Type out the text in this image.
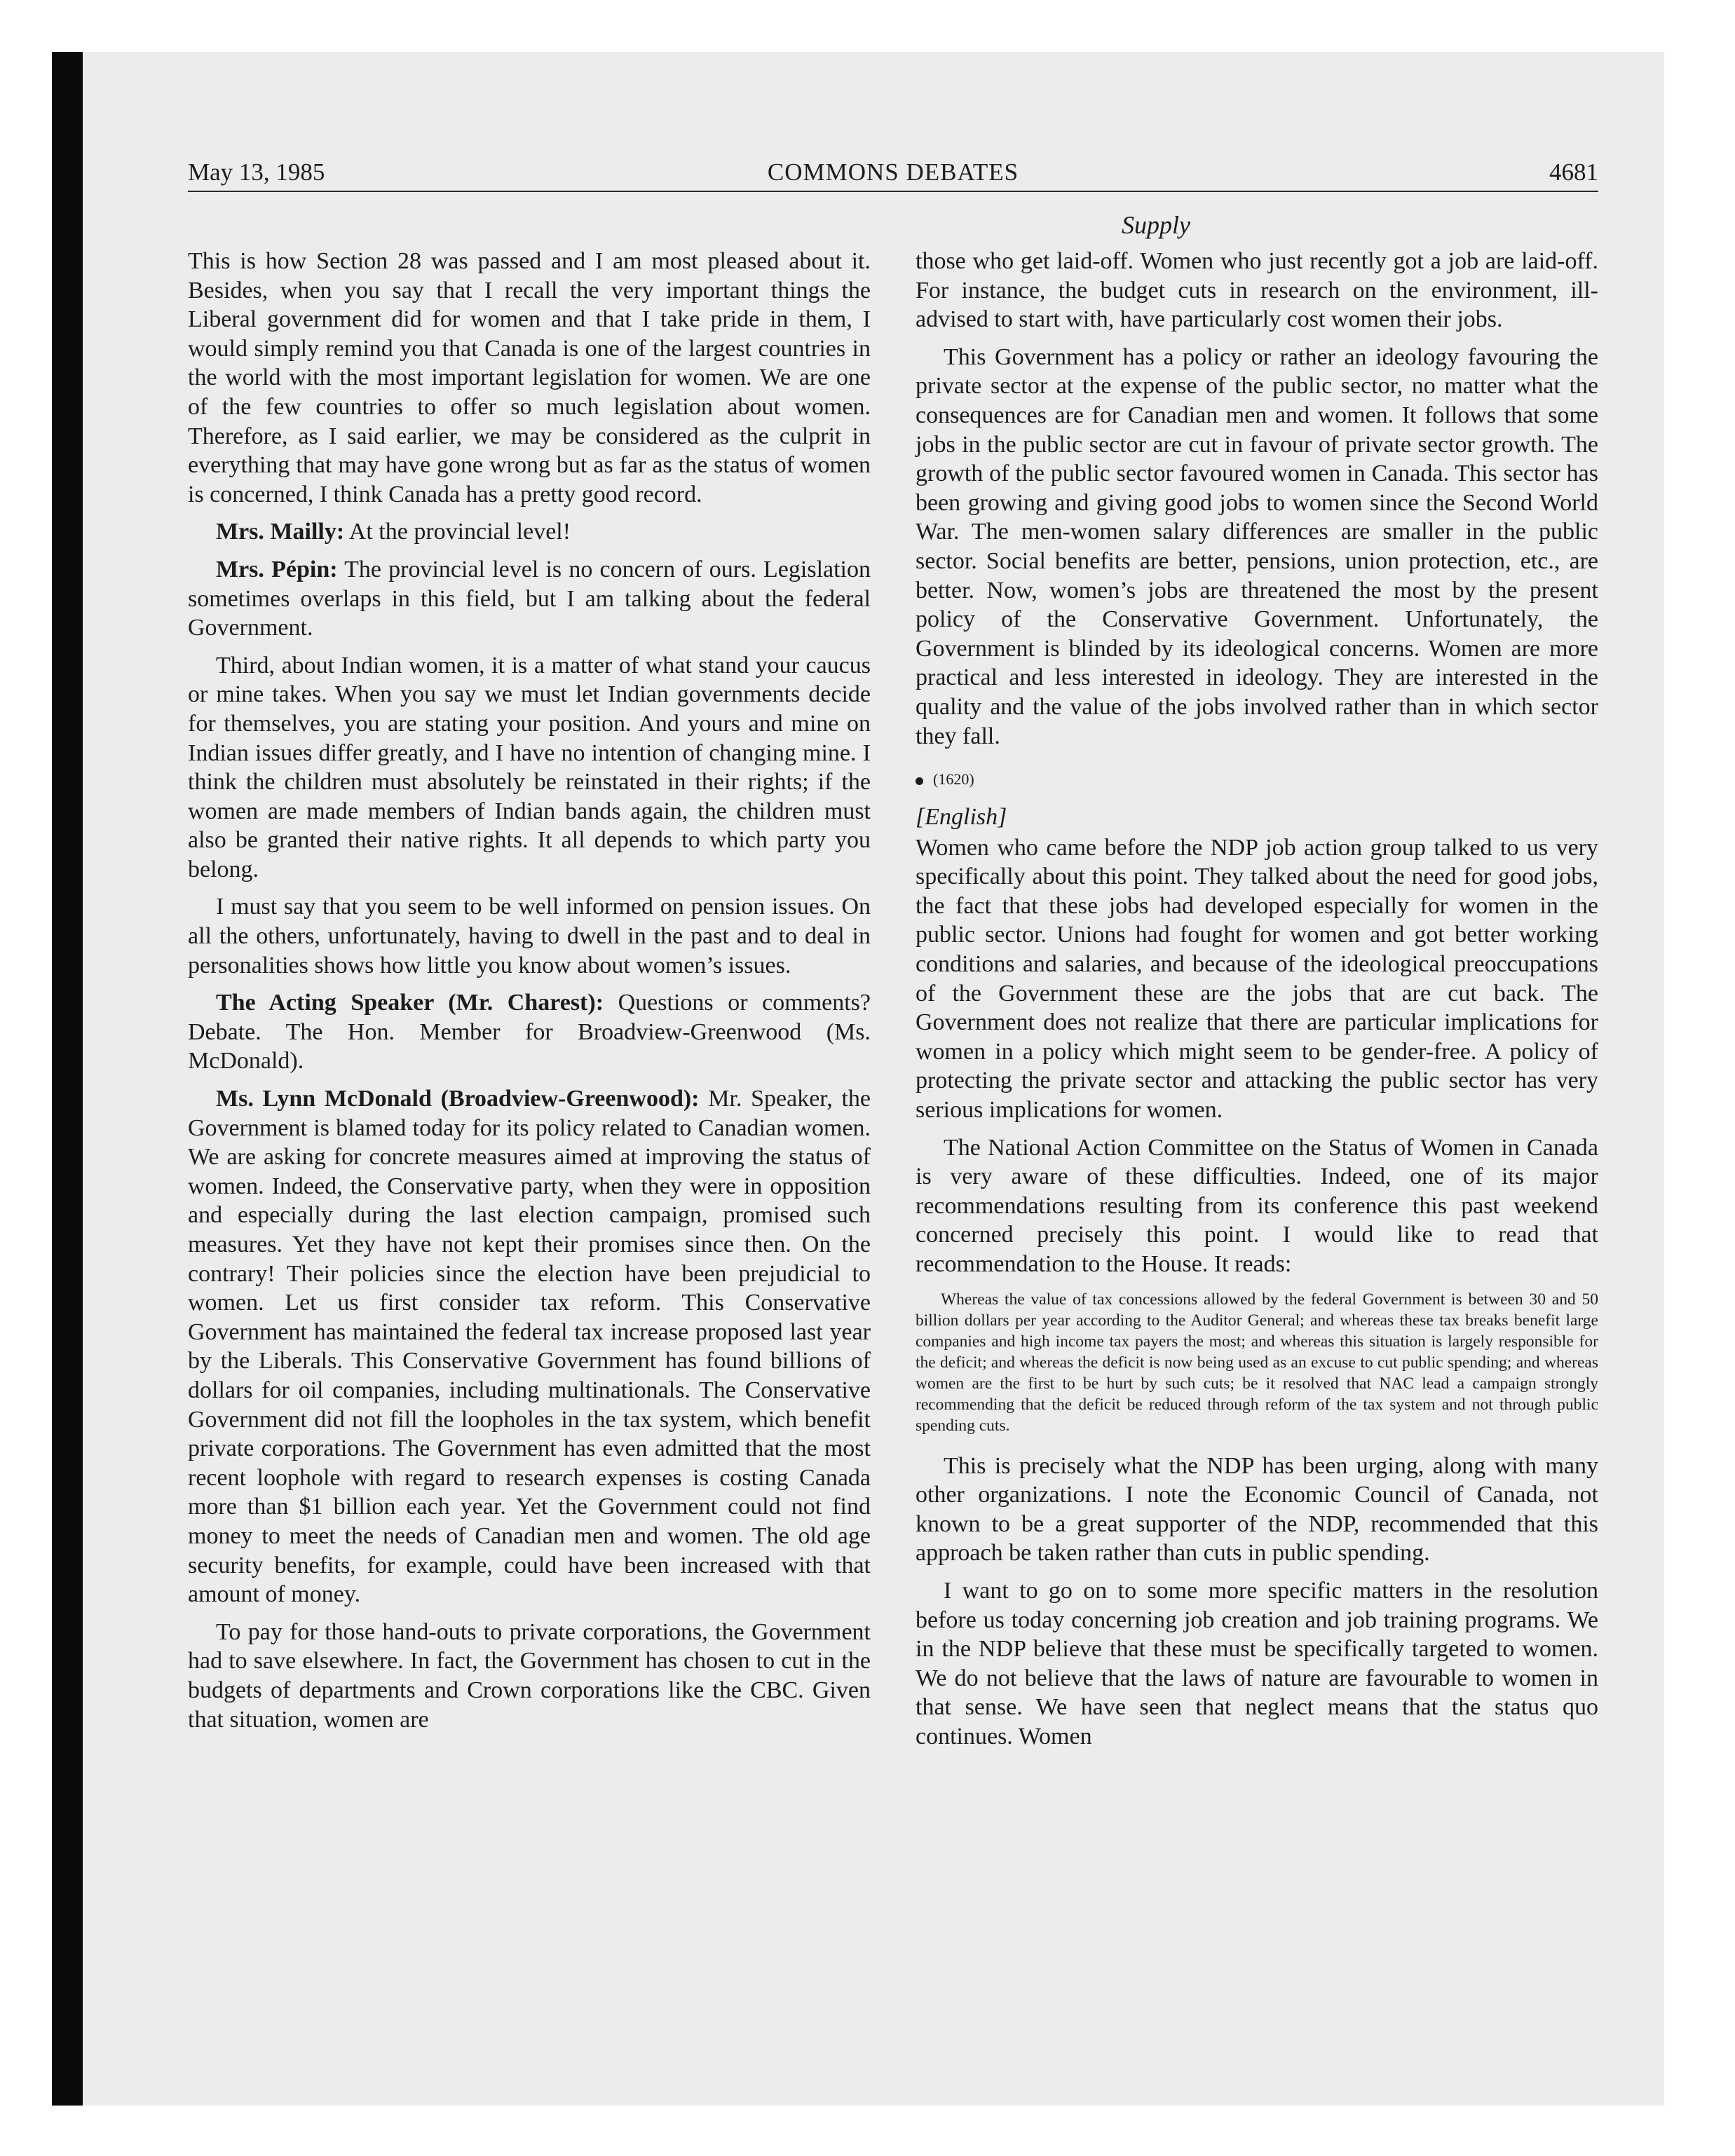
May 13, 1985	COMMONS DEBATES	4681
Supply

This is how Section 28 was passed and I am most pleased about it. Besides, when you say that I recall the very important things the Liberal government did for women and that I take pride in them, I would simply remind you that Canada is one of the largest countries in the world with the most important legislation for women. We are one of the few countries to offer so much legislation about women. Therefore, as I said earlier, we may be considered as the culprit in everything that may have gone wrong but as far as the status of women is concerned, I think Canada has a pretty good record.

Mrs. Mailly: At the provincial level!

Mrs. Pépin: The provincial level is no concern of ours. Legislation sometimes overlaps in this field, but I am talking about the federal Government.

Third, about Indian women, it is a matter of what stand your caucus or mine takes. When you say we must let Indian governments decide for themselves, you are stating your position. And yours and mine on Indian issues differ greatly, and I have no intention of changing mine. I think the children must absolutely be reinstated in their rights; if the women are made members of Indian bands again, the children must also be granted their native rights. It all depends to which party you belong.

I must say that you seem to be well informed on pension issues. On all the others, unfortunately, having to dwell in the past and to deal in personalities shows how little you know about women’s issues.

The Acting Speaker (Mr. Charest): Questions or comments? Debate. The Hon. Member for Broadview-Greenwood (Ms. McDonald).

Ms. Lynn McDonald (Broadview-Greenwood): Mr. Speaker, the Government is blamed today for its policy related to Canadian women. We are asking for concrete measures aimed at improving the status of women. Indeed, the Conservative party, when they were in opposition and especially during the last election campaign, promised such measures. Yet they have not kept their promises since then. On the contrary! Their policies since the election have been prejudicial to women. Let us first consider tax reform. This Conservative Government has maintained the federal tax increase proposed last year by the Liberals. This Conservative Government has found billions of dollars for oil companies, including multinationals. The Conservative Government did not fill the loopholes in the tax system, which benefit private corporations. The Government has even admitted that the most recent loophole with regard to research expenses is costing Canada more than $1 billion each year. Yet the Government could not find money to meet the needs of Canadian men and women. The old age security benefits, for example, could have been increased with that amount of money.

To pay for those hand-outs to private corporations, the Government had to save elsewhere. In fact, the Government has chosen to cut in the budgets of departments and Crown corporations like the CBC. Given that situation, women are

those who get laid-off. Women who just recently got a job are laid-off. For instance, the budget cuts in research on the environment, ill-advised to start with, have particularly cost women their jobs.

This Government has a policy or rather an ideology favouring the private sector at the expense of the public sector, no matter what the consequences are for Canadian men and women. It follows that some jobs in the public sector are cut in favour of private sector growth. The growth of the public sector favoured women in Canada. This sector has been growing and giving good jobs to women since the Second World War. The men-women salary differences are smaller in the public sector. Social benefits are better, pensions, union protection, etc., are better. Now, women’s jobs are threatened the most by the present policy of the Conservative Government. Unfortunately, the Government is blinded by its ideological concerns. Women are more practical and less interested in ideology. They are interested in the quality and the value of the jobs involved rather than in which sector they fall.

(1620)
[English]

Women who came before the NDP job action group talked to us very specifically about this point. They talked about the need for good jobs, the fact that these jobs had developed especially for women in the public sector. Unions had fought for women and got better working conditions and salaries, and because of the ideological preoccupations of the Government these are the jobs that are cut back. The Government does not realize that there are particular implications for women in a policy which might seem to be gender-free. A policy of protecting the private sector and attacking the public sector has very serious implications for women.

The National Action Committee on the Status of Women in Canada is very aware of these difficulties. Indeed, one of its major recommendations resulting from its conference this past weekend concerned precisely this point. I would like to read that recommendation to the House. It reads:

Whereas the value of tax concessions allowed by the federal Government is between 30 and 50 billion dollars per year according to the Auditor General; and whereas these tax breaks benefit large companies and high income tax payers the most; and whereas this situation is largely responsible for the deficit; and whereas the deficit is now being used as an excuse to cut public spending; and whereas women are the first to be hurt by such cuts; be it resolved that NAC lead a campaign strongly recommending that the deficit be reduced through reform of the tax system and not through public spending cuts.

This is precisely what the NDP has been urging, along with many other organizations. I note the Economic Council of Canada, not known to be a great supporter of the NDP, recommended that this approach be taken rather than cuts in public spending.

I want to go on to some more specific matters in the resolution before us today concerning job creation and job training programs. We in the NDP believe that these must be specifically targeted to women. We do not believe that the laws of nature are favourable to women in that sense. We have seen that neglect means that the status quo continues. Women
